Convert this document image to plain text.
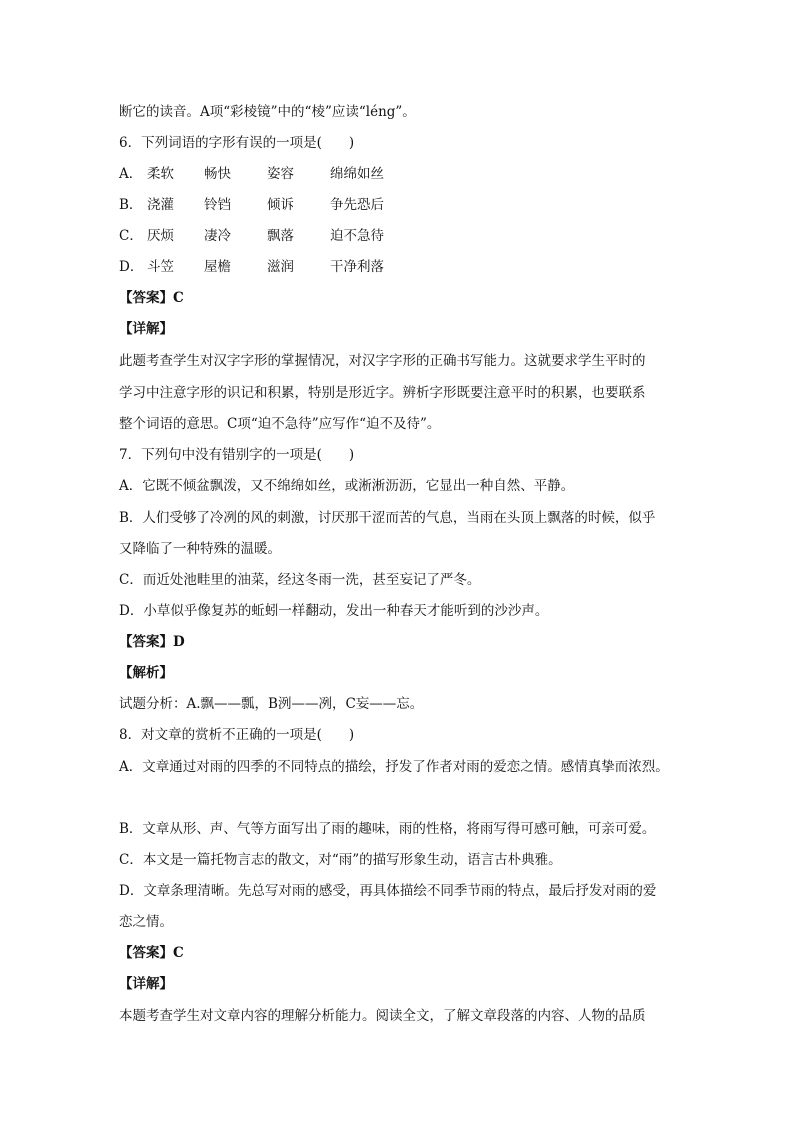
断它的读音。A项“彩棱镜”中的“棱”应读“léng”。
6．下列词语的字形有误的一项是(　　)
A． 柔软 畅快	姿容	绵绵如丝
B． 浇灌 铃铛	倾诉	争先恐后
C． 厌烦 凄冷	飘落	迫不急待
D． 斗笠 屋檐	滋润	干净利落
【答案】C
【详解】
此题考查学生对汉字字形的掌握情况，对汉字字形的正确书写能力。这就要求学生平时的
学习中注意字形的识记和积累，特别是形近字。辨析字形既要注意平时的积累，也要联系
整个词语的意思。C项“迫不急待”应写作“迫不及待”。
7．下列句中没有错别字的一项是(　　)
A．它既不倾盆飘泼，又不绵绵如丝，或淅淅沥沥，它显出一种自然、平静。
B．人们受够了冷冽的风的刺激，讨厌那干涩而苦的气息，当雨在头顶上飘落的时候，似乎
又降临了一种特殊的温暖。
C．而近处池畦里的油菜，经这冬雨一洗，甚至妄记了严冬。
D．小草似乎像复苏的蚯蚓一样翻动，发出一种春天才能听到的沙沙声。
【答案】D
【解析】
试题分析：A.飘——瓢，B洌——冽，C妄——忘。
8．对文章的赏析不正确的一项是(　　)
A．文章通过对雨的四季的不同特点的描绘，抒发了作者对雨的爱恋之情。感情真挚而浓烈。
B．文章从形、声、气等方面写出了雨的趣味，雨的性格，将雨写得可感可触，可亲可爱。
C．本文是一篇托物言志的散文，对“雨”的描写形象生动，语言古朴典雅。
D．文章条理清晰。先总写对雨的感受，再具体描绘不同季节雨的特点，最后抒发对雨的爱
恋之情。
【答案】C
【详解】
本题考查学生对文章内容的理解分析能力。阅读全文，了解文章段落的内容、人物的品质
